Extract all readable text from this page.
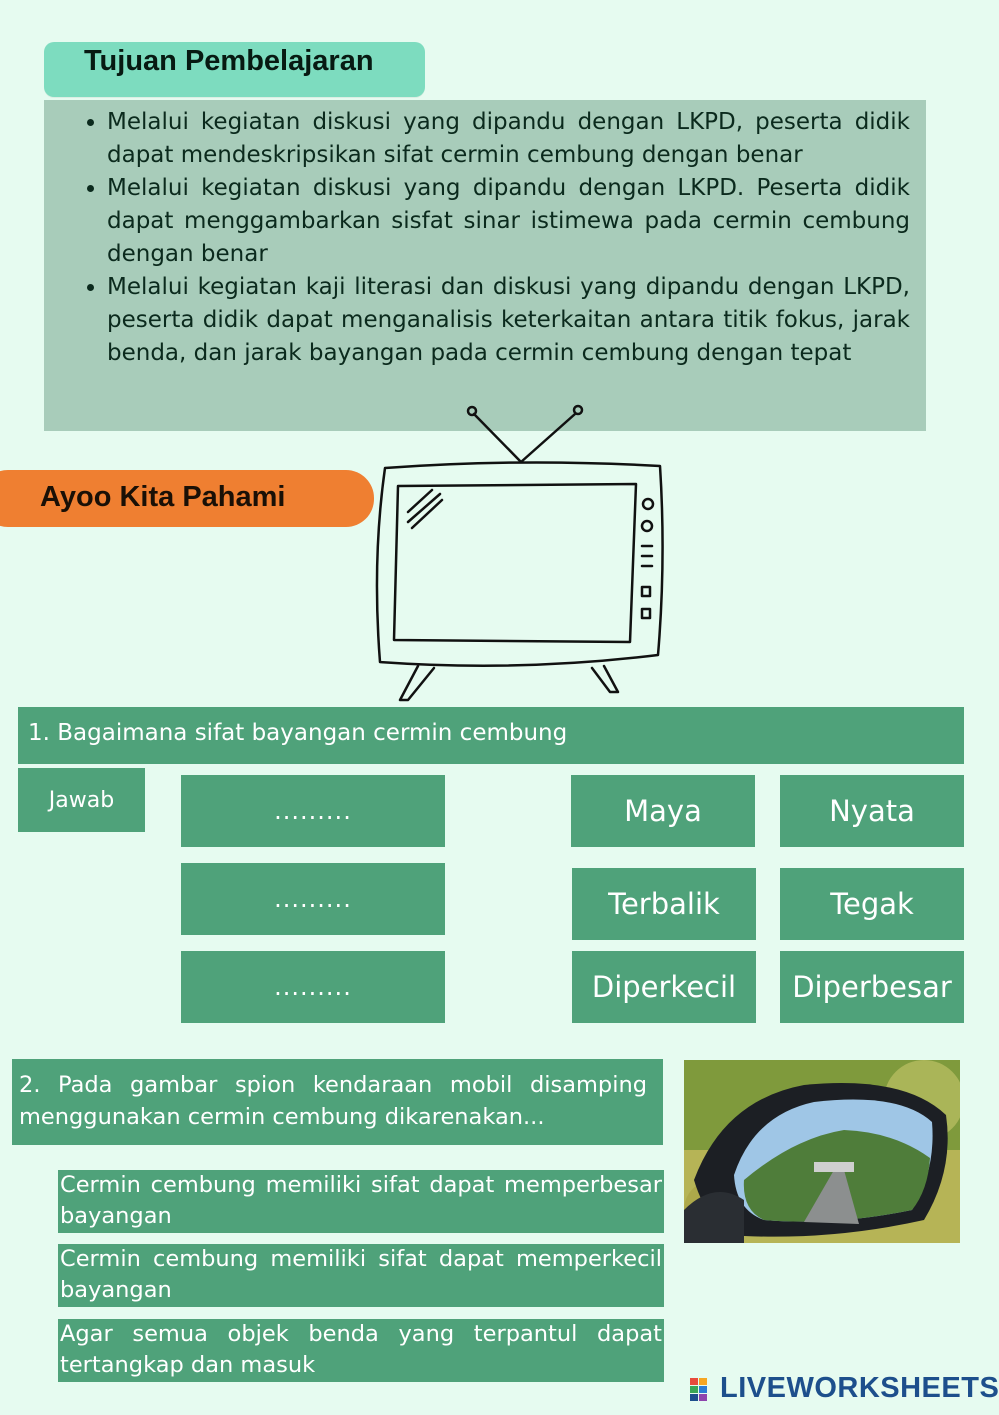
Tujuan Pembelajaran
• Melalui kegiatan diskusi yang dipandu dengan LKPD, peserta didik dapat mendeskripsikan sifat cermin cembung dengan benar
• Melalui kegiatan diskusi yang dipandu dengan LKPD. Peserta didik dapat menggambarkan sisfat sinar istimewa pada cermin cembung dengan benar
• Melalui kegiatan kaji literasi dan diskusi yang dipandu dengan LKPD, peserta didik dapat menganalisis keterkaitan antara titik fokus, jarak benda, dan jarak bayangan pada cermin cembung dengan tepat
Ayoo Kita Pahami
1. Bagaimana sifat bayangan cermin cembung
Jawab	.........
.........
.........
Maya	Nyata
Terbalik	Tegak
Diperkecil	Diperbesar
2. Pada gambar spion kendaraan mobil disamping menggunakan cermin cembung dikarenakan...
Cermin cembung memiliki sifat dapat memperbesar bayangan
Cermin cembung memiliki sifat dapat memperkecil bayangan
Agar semua objek benda yang terpantul dapat tertangkap dan masuk
LIVEWORKSHEETS
